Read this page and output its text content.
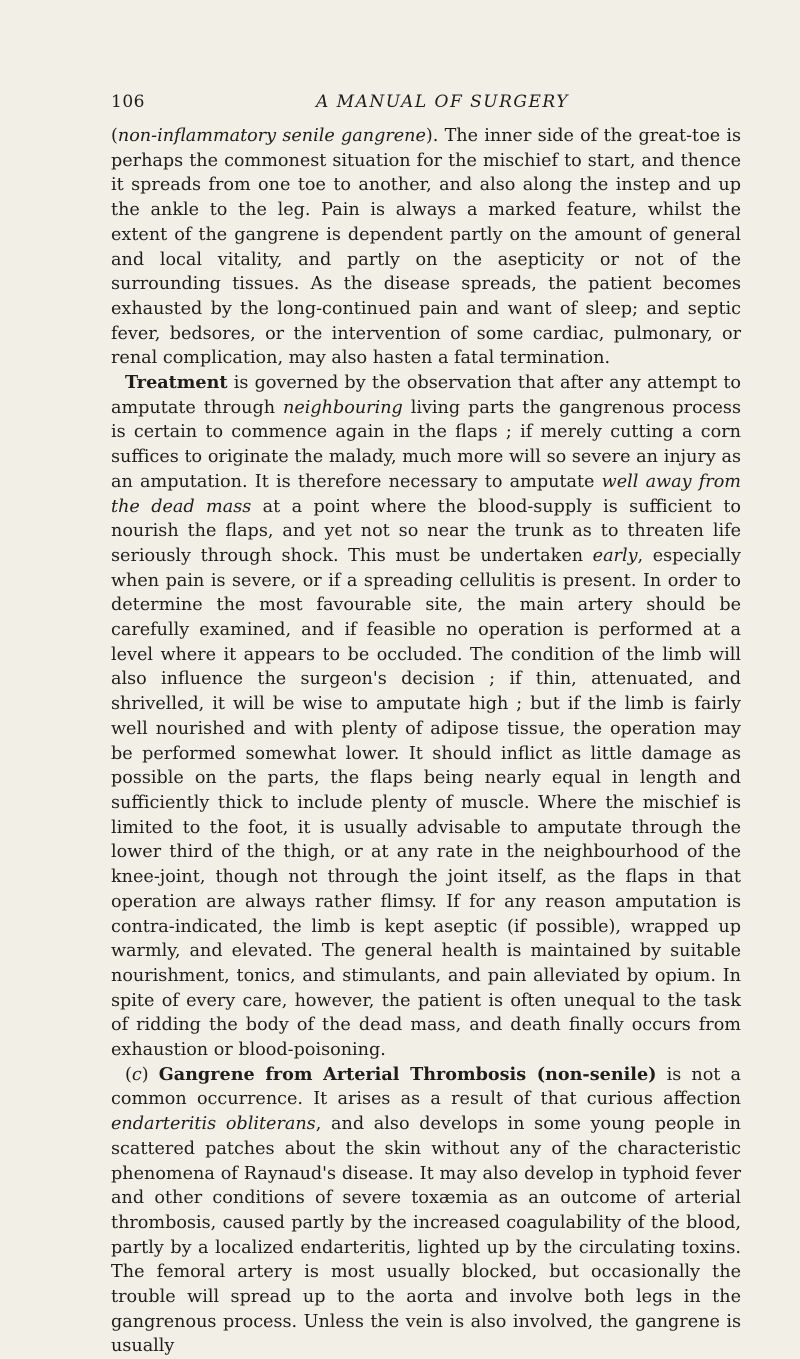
106	A MANUAL OF SURGERY

(non-inflammatory senile gangrene). The inner side of the great-toe is perhaps the commonest situation for the mischief to start, and thence it spreads from one toe to another, and also along the instep and up the ankle to the leg. Pain is always a marked feature, whilst the extent of the gangrene is dependent partly on the amount of general and local vitality, and partly on the asepticity or not of the surrounding tissues. As the disease spreads, the patient becomes exhausted by the long-continued pain and want of sleep; and septic fever, bedsores, or the intervention of some cardiac, pulmonary, or renal complication, may also hasten a fatal termination.

Treatment is governed by the observation that after any attempt to amputate through neighbouring living parts the gangrenous process is certain to commence again in the flaps ; if merely cutting a corn suffices to originate the malady, much more will so severe an injury as an amputation. It is therefore necessary to amputate well away from the dead mass at a point where the blood-supply is sufficient to nourish the flaps, and yet not so near the trunk as to threaten life seriously through shock. This must be undertaken early, especially when pain is severe, or if a spreading cellulitis is present. In order to determine the most favourable site, the main artery should be carefully examined, and if feasible no operation is performed at a level where it appears to be occluded. The condition of the limb will also influence the surgeon's decision ; if thin, attenuated, and shrivelled, it will be wise to amputate high ; but if the limb is fairly well nourished and with plenty of adipose tissue, the operation may be performed somewhat lower. It should inflict as little damage as possible on the parts, the flaps being nearly equal in length and sufficiently thick to include plenty of muscle. Where the mischief is limited to the foot, it is usually advisable to amputate through the lower third of the thigh, or at any rate in the neighbourhood of the knee-joint, though not through the joint itself, as the flaps in that operation are always rather flimsy. If for any reason amputation is contra-indicated, the limb is kept aseptic (if possible), wrapped up warmly, and elevated. The general health is maintained by suitable nourishment, tonics, and stimulants, and pain alleviated by opium. In spite of every care, however, the patient is often unequal to the task of ridding the body of the dead mass, and death finally occurs from exhaustion or blood-poisoning.

(c) Gangrene from Arterial Thrombosis (non-senile) is not a common occurrence. It arises as a result of that curious affection endarteritis obliterans, and also develops in some young people in scattered patches about the skin without any of the characteristic phenomena of Raynaud's disease. It may also develop in typhoid fever and other conditions of severe toxæmia as an outcome of arterial thrombosis, caused partly by the increased coagulability of the blood, partly by a localized endarteritis, lighted up by the circulating toxins. The femoral artery is most usually blocked, but occasionally the trouble will spread up to the aorta and involve both legs in the gangrenous process. Unless the vein is also involved, the gangrene is usually
